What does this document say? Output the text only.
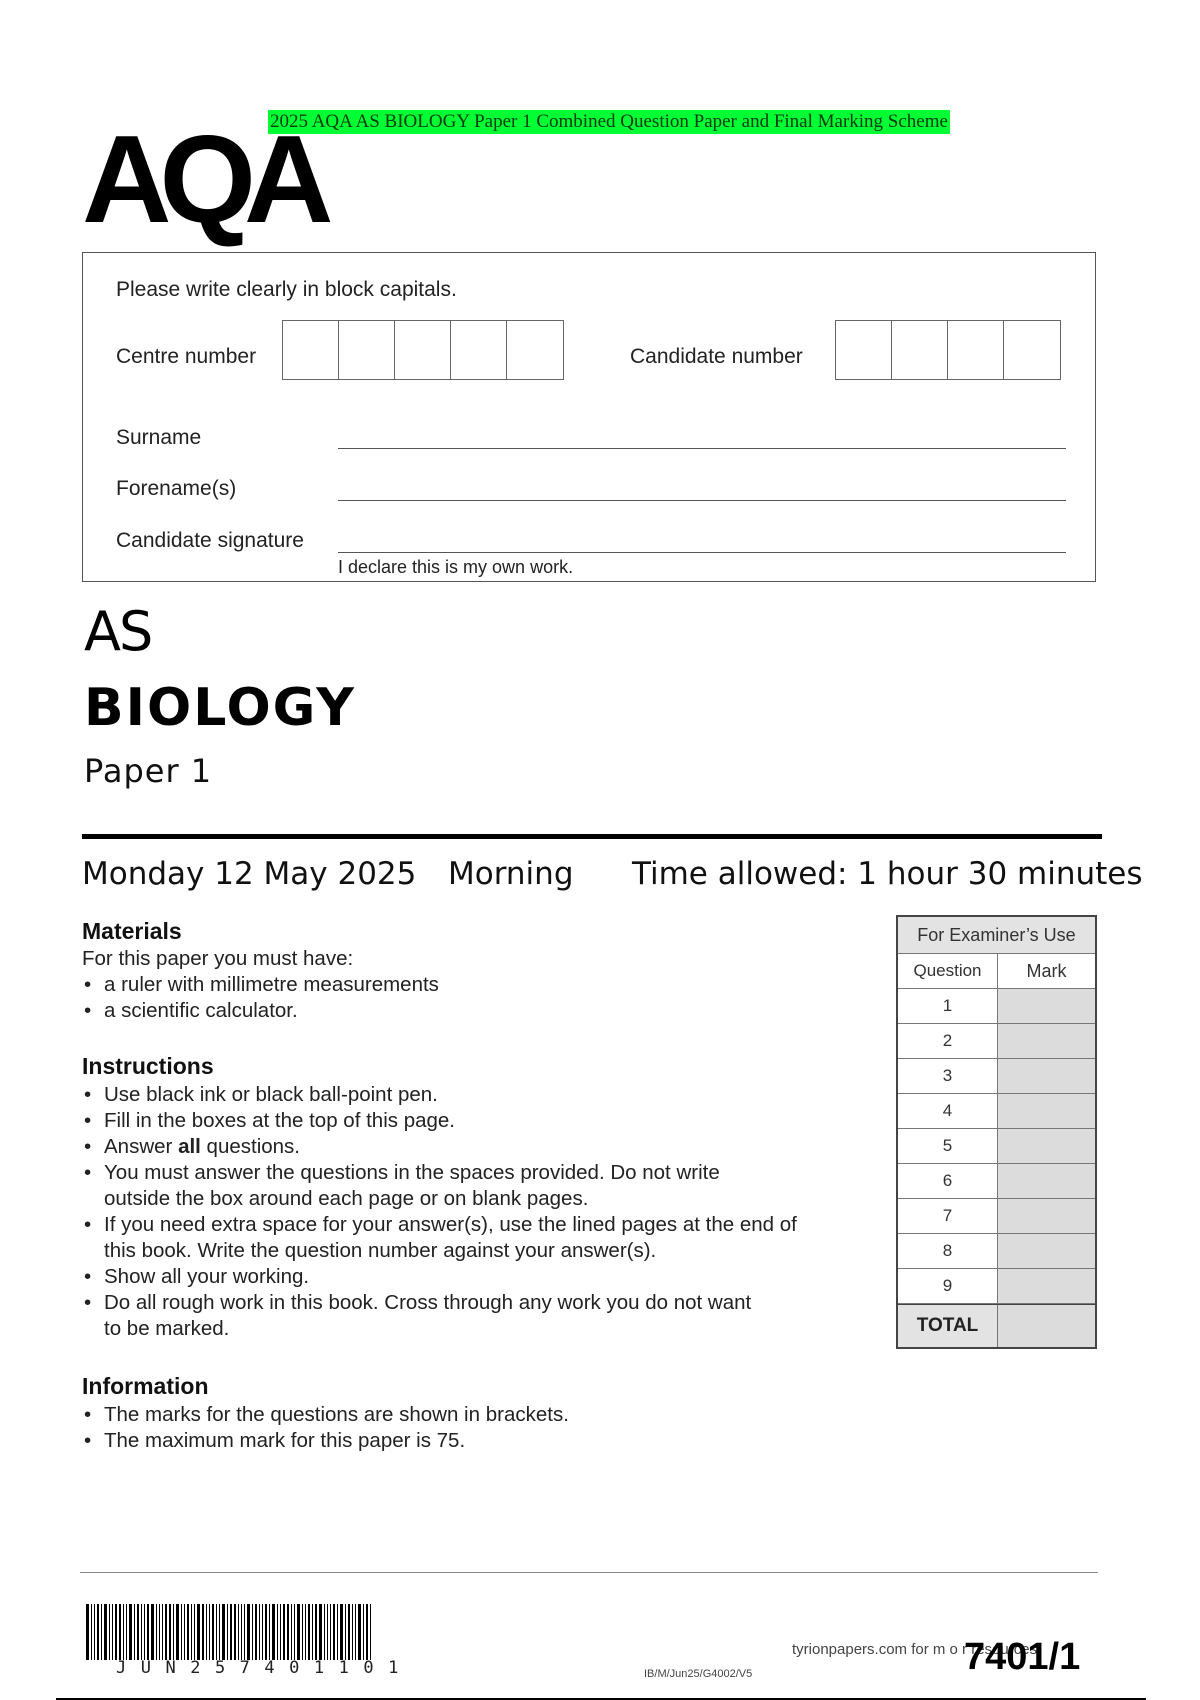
2025 AQA AS BIOLOGY Paper 1 Combined Question Paper and Final Marking Scheme
AQA
Please write clearly in block capitals.
Centre number	Candidate number
Surname
Forename(s)
Candidate signature
I declare this is my own work.
AS
BIOLOGY
Paper 1
Monday 12 May 2025 Morning Time allowed: 1 hour 30 minutes
Materials
For this paper you must have:
• a ruler with millimetre measurements
• a scientific calculator.
Instructions
• Use black ink or black ball-point pen.
• Fill in the boxes at the top of this page.
• Answer all questions.
• You must answer the questions in the spaces provided. Do not write
outside the box around each page or on blank pages.
• If you need extra space for your answer(s), use the lined pages at the end of
this book. Write the question number against your answer(s).
• Show all your working.
• Do all rough work in this book. Cross through any work you do not want
to be marked.
Information
• The marks for the questions are shown in brackets.
• The maximum mark for this paper is 75.
For Examiner’s Use
Question	Mark
1
2
3
4
5
6
7
8
9
TOTAL
JUN257401101	IB/M/Jun25/G4002/V5
tyrionpapers.com for m o r resources
7401/1
